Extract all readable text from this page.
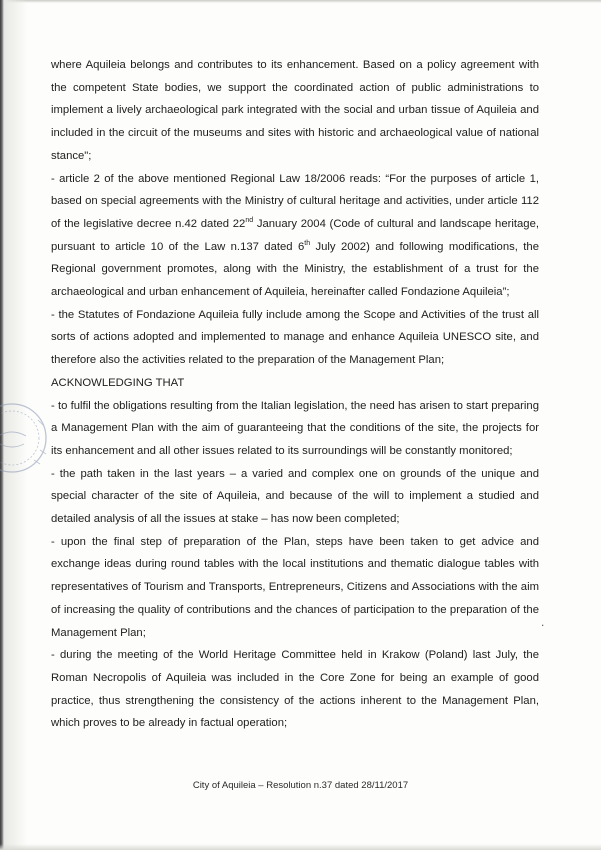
where Aquileia belongs and contributes to its enhancement. Based on a policy agreement with the competent State bodies, we support the coordinated action of public administrations to implement a lively archaeological park integrated with the social and urban tissue of Aquileia and included in the circuit of the museums and sites with historic and archaeological value of national stance";

- article 2 of the above mentioned Regional Law 18/2006 reads: “For the purposes of article 1, based on special agreements with the Ministry of cultural heritage and activities, under article 112 of the legislative decree n.42 dated 22nd January 2004 (Code of cultural and landscape heritage, pursuant to article 10 of the Law n.137 dated 6th July 2002) and following modifications, the Regional government promotes, along with the Ministry, the establishment of a trust for the archaeological and urban enhancement of Aquileia, hereinafter called Fondazione Aquileia”;

- the Statutes of Fondazione Aquileia fully include among the Scope and Activities of the trust all sorts of actions adopted and implemented to manage and enhance Aquileia UNESCO site, and therefore also the activities related to the preparation of the Management Plan;

ACKNOWLEDGING THAT

- to fulfil the obligations resulting from the Italian legislation, the need has arisen to start preparing a Management Plan with the aim of guaranteeing that the conditions of the site, the projects for its enhancement and all other issues related to its surroundings will be constantly monitored;

- the path taken in the last years – a varied and complex one on grounds of the unique and special character of the site of Aquileia, and because of the will to implement a studied and detailed analysis of all the issues at stake – has now been completed;

- upon the final step of preparation of the Plan, steps have been taken to get advice and exchange ideas during round tables with the local institutions and thematic dialogue tables with representatives of Tourism and Transports, Entrepreneurs, Citizens and Associations with the aim of increasing the quality of contributions and the chances of participation to the preparation of the Management Plan;

- during the meeting of the World Heritage Committee held in Krakow (Poland) last July, the Roman Necropolis of Aquileia was included in the Core Zone for being an example of good practice, thus strengthening the consistency of the actions inherent to the Management Plan, which proves to be already in factual operation;

.
City of Aquileia – Resolution n.37 dated 28/11/2017
